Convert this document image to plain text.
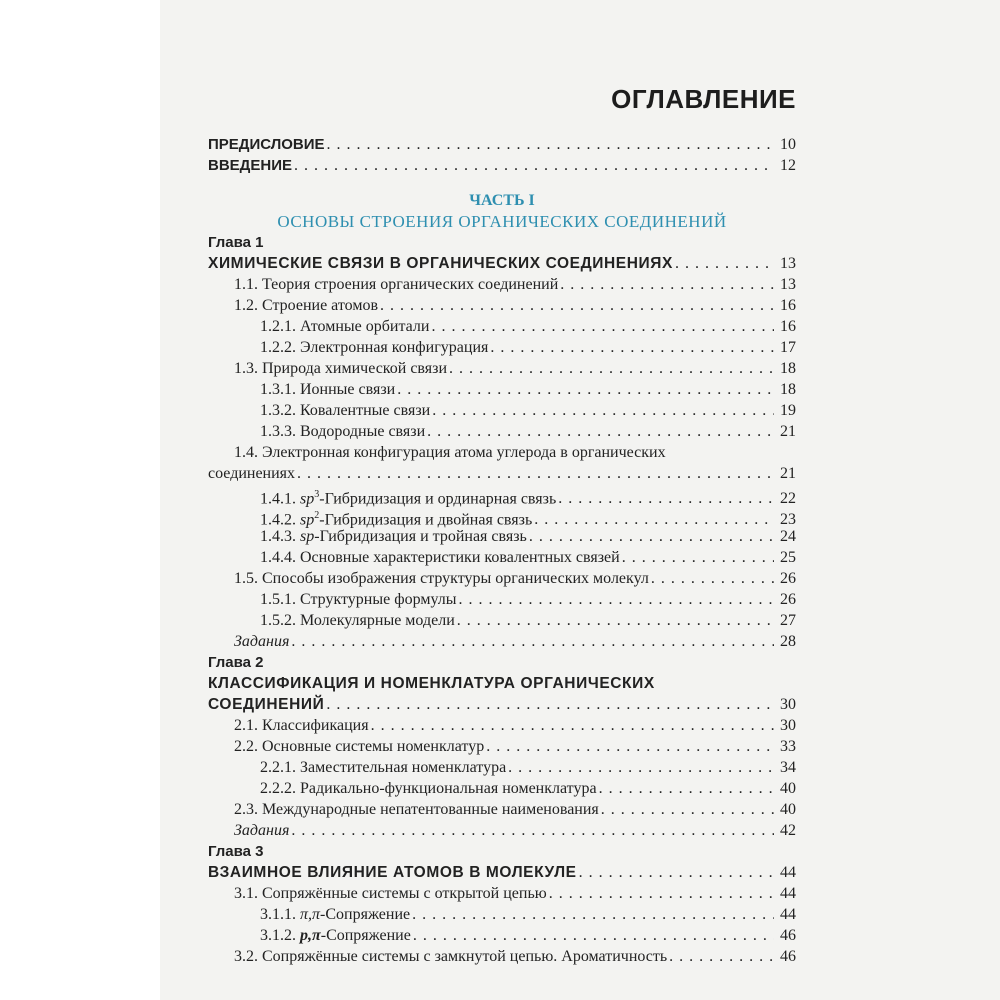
ОГЛАВЛЕНИЕ
ПРЕДИСЛОВИЕ . . .	10
ВВЕДЕНИЕ . . .	12
ЧАСТЬ I
ОСНОВЫ СТРОЕНИЯ ОРГАНИЧЕСКИХ СОЕДИНЕНИЙ
Глава 1
ХИМИЧЕСКИЕ СВЯЗИ В ОРГАНИЧЕСКИХ СОЕДИНЕНИЯХ . . .	13
1.1. Теория строения органических соединений . . .	13
1.2. Строение атомов . . .	16
1.2.1. Атомные орбитали . . .	16
1.2.2. Электронная конфигурация . . .	17
1.3. Природа химической связи . . .	18
1.3.1. Ионные связи . . .	18
1.3.2. Ковалентные связи . . .	19
1.3.3. Водородные связи . . .	21
1.4. Электронная конфигурация атома углерода в органических
соединениях . . .	21
1.4.1. $sp^3$-Гибридизация и ординарная связь . . .	22
1.4.2. $sp^2$-Гибридизация и двойная связь . . .	23
1.4.3. sp-Гибридизация и тройная связь . . .	24
1.4.4. Основные характеристики ковалентных связей . . .	25
1.5. Способы изображения структуры органических молекул . . .	26
1.5.1. Структурные формулы . . .	26
1.5.2. Молекулярные модели . . .	27
Задания . . .	28
Глава 2
КЛАССИФИКАЦИЯ И НОМЕНКЛАТУРА ОРГАНИЧЕСКИХ
СОЕДИНЕНИЙ . . .	30
2.1. Классификация . . .	30
2.2. Основные системы номенклатур . . .	33
2.2.1. Заместительная номенклатура . . .	34
2.2.2. Радикально-функциональная номенклатура . . .	40
2.3. Международные непатентованные наименования . . .	40
Задания . . .	42
Глава 3
ВЗАИМНОЕ ВЛИЯНИЕ АТОМОВ В МОЛЕКУЛЕ . . .	44
3.1. Сопряжённые системы с открытой цепью . . .	44
3.1.1. π,π-Сопряжение . . .	44
3.1.2. p,π-Сопряжение . . .	46
3.2. Сопряжённые системы с замкнутой цепью. Ароматичность . . .	46
